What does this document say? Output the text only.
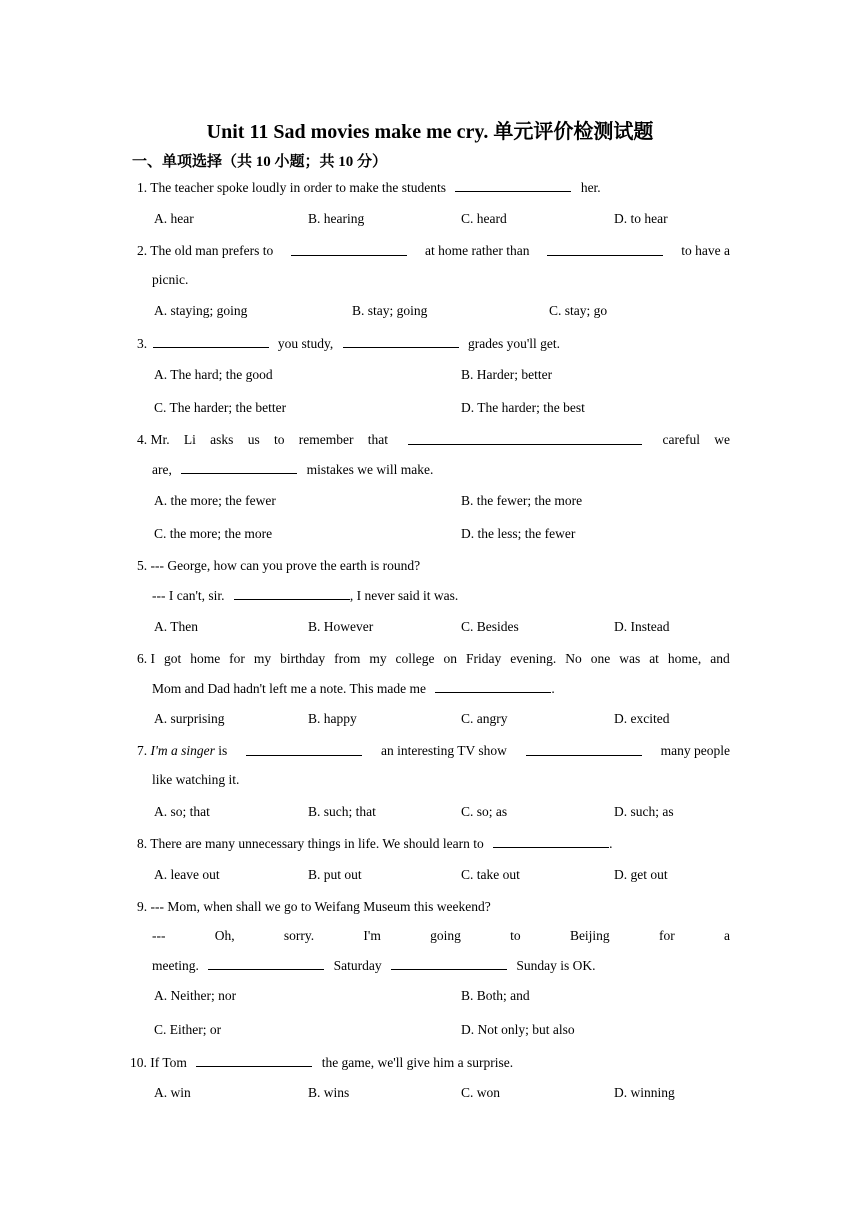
Unit 11 Sad movies make me cry. 单元评价检测试题
一、单项选择（共 10 小题；共 10 分）
1. The teacher spoke loudly in order to make the students	her.
A. hear	B. hearing	C. heard	D. to hear
2. The old man prefers to	at home rather than	to have a
picnic.
A. staying; going	B. stay; going	C. stay; go
3.	you study,	grades you'll get.
A. The hard; the good	B. Harder; better
C. The harder; the better	D. The harder; the best
4. Mr. Li asks us to remember that	careful we
are,	mistakes we will make.
A. the more; the fewer	B. the fewer; the more
C. the more; the more	D. the less; the fewer
5. --- George, how can you prove the earth is round?
--- I can't, sir.	, I never said it was.
A. Then	B. However	C. Besides	D. Instead
6. I got home for my birthday from my college on Friday evening. No one was at home, and
Mom and Dad hadn't left me a note. This made me	.
A. surprising	B. happy	C. angry	D. excited
7. I'm a singer is	an interesting TV show	many people
like watching it.
A. so; that	B. such; that	C. so; as	D. such; as
8. There are many unnecessary things in life. We should learn to	.
A. leave out	B. put out	C. take out	D. get out
9. --- Mom, when shall we go to Weifang Museum this weekend?
---	Oh,	sorry.	I'm	going	to	Beijing	for	a
meeting.	Saturday	Sunday is OK.
A. Neither; nor	B. Both; and
C. Either; or	D. Not only; but also
10. If Tom	the game, we'll give him a surprise.
A. win	B. wins	C. won	D. winning
